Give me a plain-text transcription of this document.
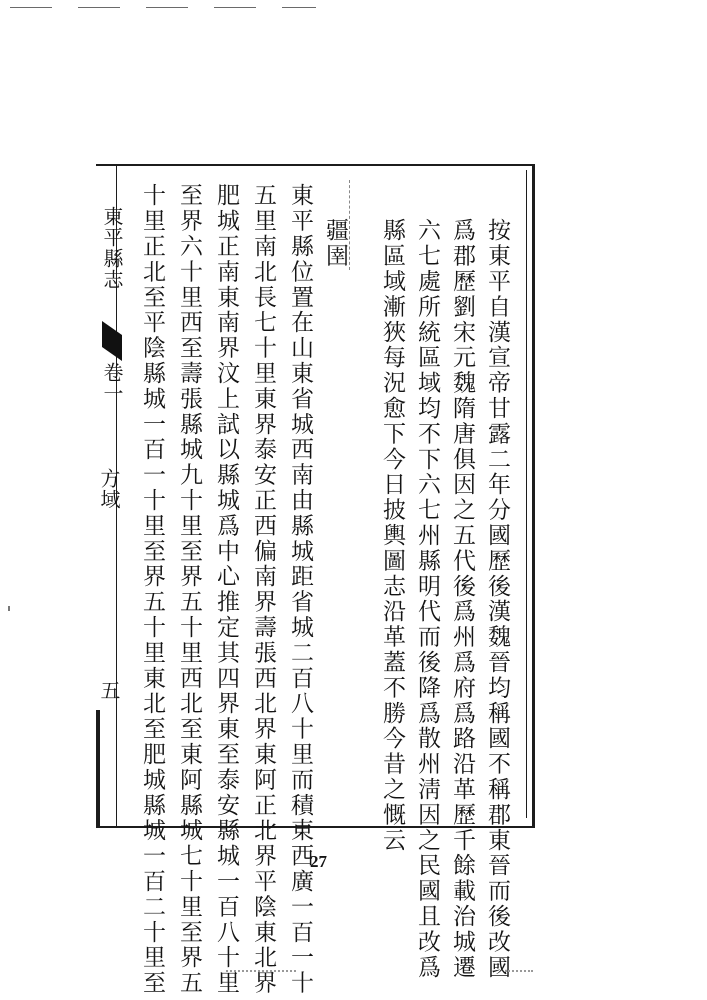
東平縣志
卷一
方域
五	按東平自漢宣帝甘露二年分國歷後漢魏晉均稱國不稱郡東晉而後改國
爲郡歷劉宋元魏隋唐俱因之五代後爲州爲府爲路沿革歷千餘載治城遷
六七處所統區域均不下六七州縣明代而後降爲散州淸因之民國且改爲
縣區域漸狹每況愈下今日披輿圖志沿革蓋不勝今昔之慨云
疆圉
東平縣位置在山東省城西南由縣城距省城二百八十里而積東西廣一百一十
五里南北長七十里東界泰安正西偏南界壽張西北界東阿正北界平陰東北界
肥城正南東南界汶上試以縣城爲中心推定其四界東至泰安縣城一百八十里
至界六十里西至壽張縣城九十里至界五十里西北至東阿縣城七十里至界五
十里正北至平陰縣城一百一十里至界五十里東北至肥城縣城一百二十里至	27
